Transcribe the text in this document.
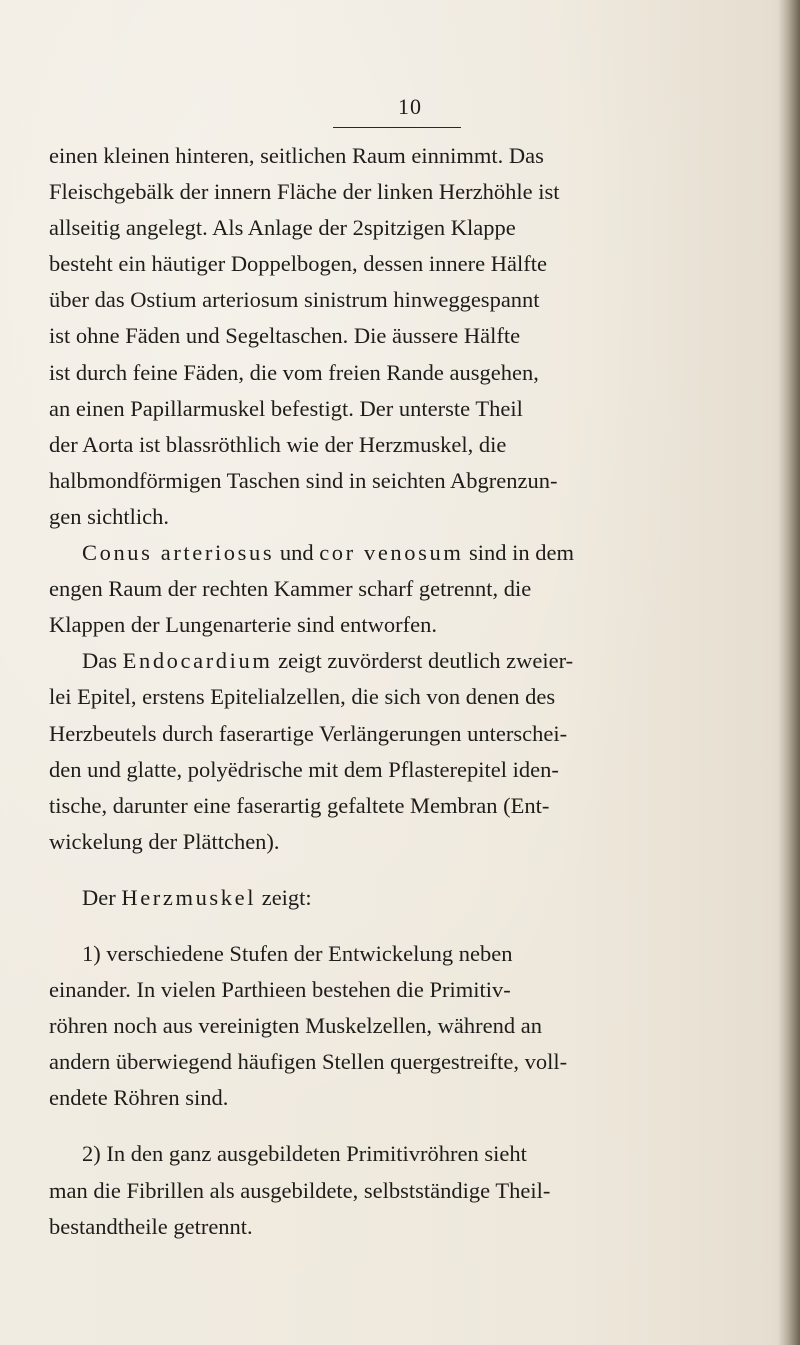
10
einen kleinen hinteren, seitlichen Raum einnimmt. Das
Fleischgebälk der innern Fläche der linken Herzhöhle ist
allseitig angelegt. Als Anlage der 2spitzigen Klappe
besteht ein häutiger Doppelbogen, dessen innere Hälfte
über das Ostium arteriosum sinistrum hinweggespannt
ist ohne Fäden und Segeltaschen. Die äussere Hälfte
ist durch feine Fäden, die vom freien Rande ausgehen,
an einen Papillarmuskel befestigt. Der unterste Theil
der Aorta ist blassröthlich wie der Herzmuskel, die
halbmondförmigen Taschen sind in seichten Abgrenzun-
gen sichtlich.
Conus arteriosus und cor venosum sind in dem
engen Raum der rechten Kammer scharf getrennt, die
Klappen der Lungenarterie sind entworfen.
Das Endocardium zeigt zuvörderst deutlich zweier-
lei Epitel, erstens Epitelialzellen, die sich von denen des
Herzbeutels durch faserartige Verlängerungen unterschei-
den und glatte, polyëdrische mit dem Pflasterepitel iden-
tische, darunter eine faserartig gefaltete Membran (Ent-
wickelung der Plättchen).
Der Herzmuskel zeigt:
1) verschiedene Stufen der Entwickelung neben
einander. In vielen Parthieen bestehen die Primitiv-
röhren noch aus vereinigten Muskelzellen, während an
andern überwiegend häufigen Stellen quergestreifte, voll-
endete Röhren sind.
2) In den ganz ausgebildeten Primitivröhren sieht
man die Fibrillen als ausgebildete, selbstständige Theil-
bestandtheile getrennt.
